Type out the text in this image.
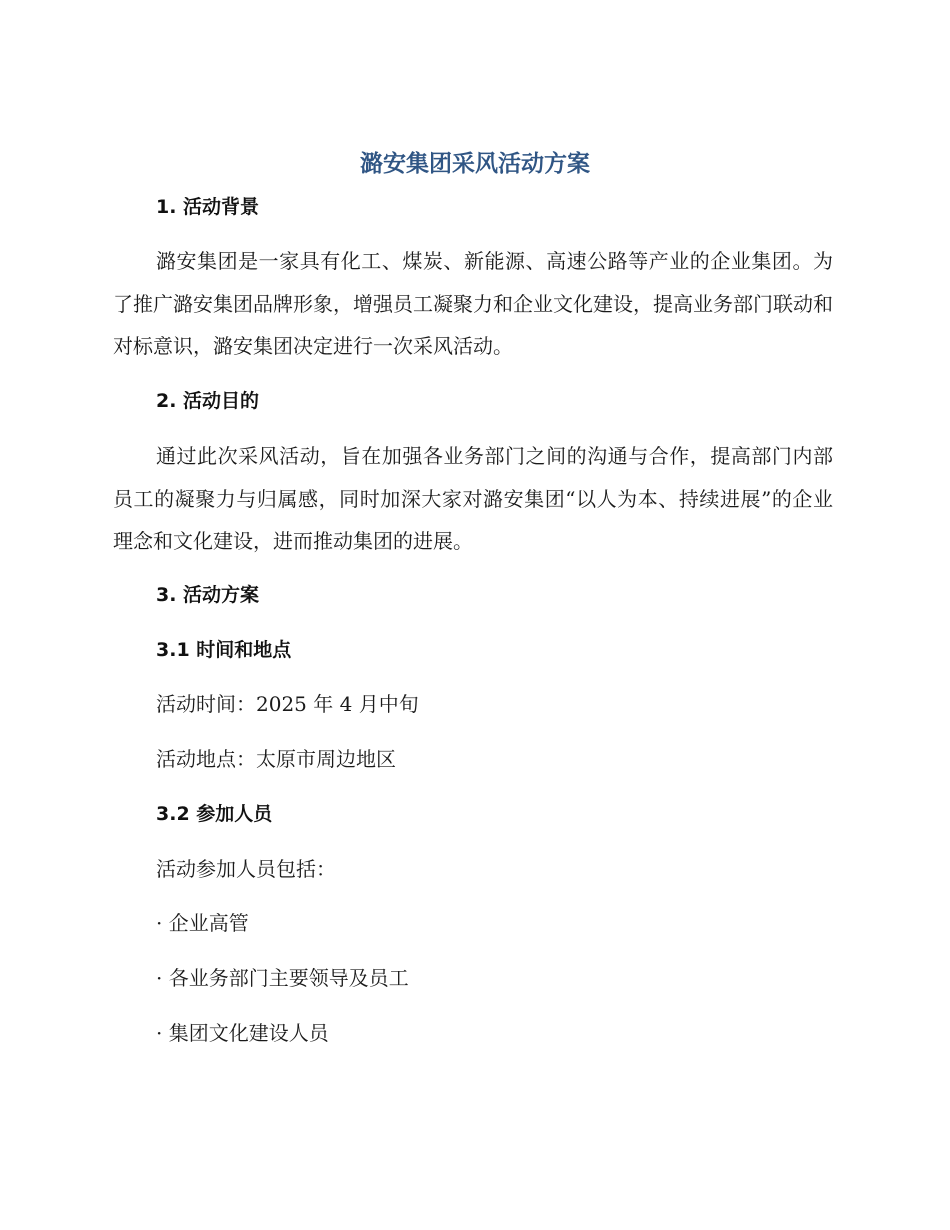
潞安集团采风活动方案
1. 活动背景
潞安集团是一家具有化工、煤炭、新能源、高速公路等产业的企业集团。为了推广潞安集团品牌形象，增强员工凝聚力和企业文化建设，提高业务部门联动和对标意识，潞安集团决定进行一次采风活动。
2. 活动目的
通过此次采风活动，旨在加强各业务部门之间的沟通与合作，提高部门内部员工的凝聚力与归属感，同时加深大家对潞安集团“以人为本、持续进展”的企业理念和文化建设，进而推动集团的进展。
3. 活动方案
3.1 时间和地点
活动时间：2025 年 4 月中旬
活动地点：太原市周边地区
3.2 参加人员
活动参加人员包括：
· 企业高管
· 各业务部门主要领导及员工
· 集团文化建设人员
